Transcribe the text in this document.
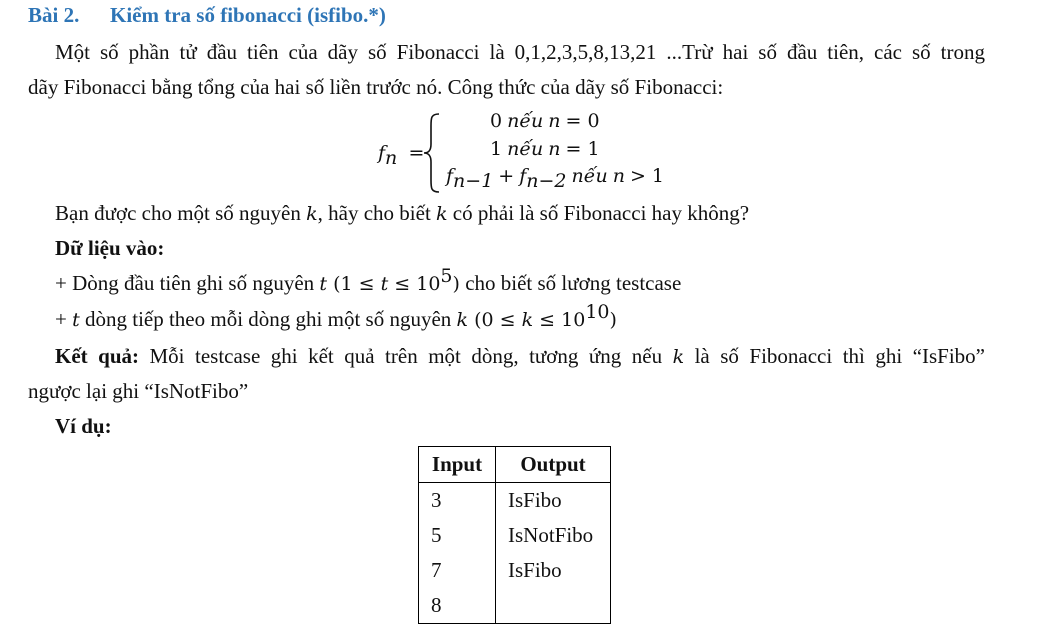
Bài 2. Kiểm tra số fibonacci (isfibo.*)
Một số phần tử đầu tiên của dãy số Fibonacci là 0,1,2,3,5,8,13,21 ...Trừ hai số đầu tiên, các số trong
dãy Fibonacci bằng tổng của hai số liền trước nó. Công thức của dãy số Fibonacci:
$f_n$ =
0 nếu n = 0
1 nếu n = 1
$f_{n-1} + f_{n-2}$ nếu n > 1
Bạn được cho một số nguyên k, hãy cho biết k có phải là số Fibonacci hay không?
Dữ liệu vào:
+ Dòng đầu tiên ghi số nguyên t $(1 \le t \le 10^5)$ cho biết số lương testcase
+ t dòng tiếp theo mỗi dòng ghi một số nguyên k $(0 \le k \le 10^{10})$
Kết quả: Mỗi testcase ghi kết quả trên một dòng, tương ứng nếu k là số Fibonacci thì ghi “IsFibo”
ngược lại ghi “IsNotFibo”
Ví dụ:
Input	Output
3	IsFibo
5	IsNotFibo
7	IsFibo
8	
